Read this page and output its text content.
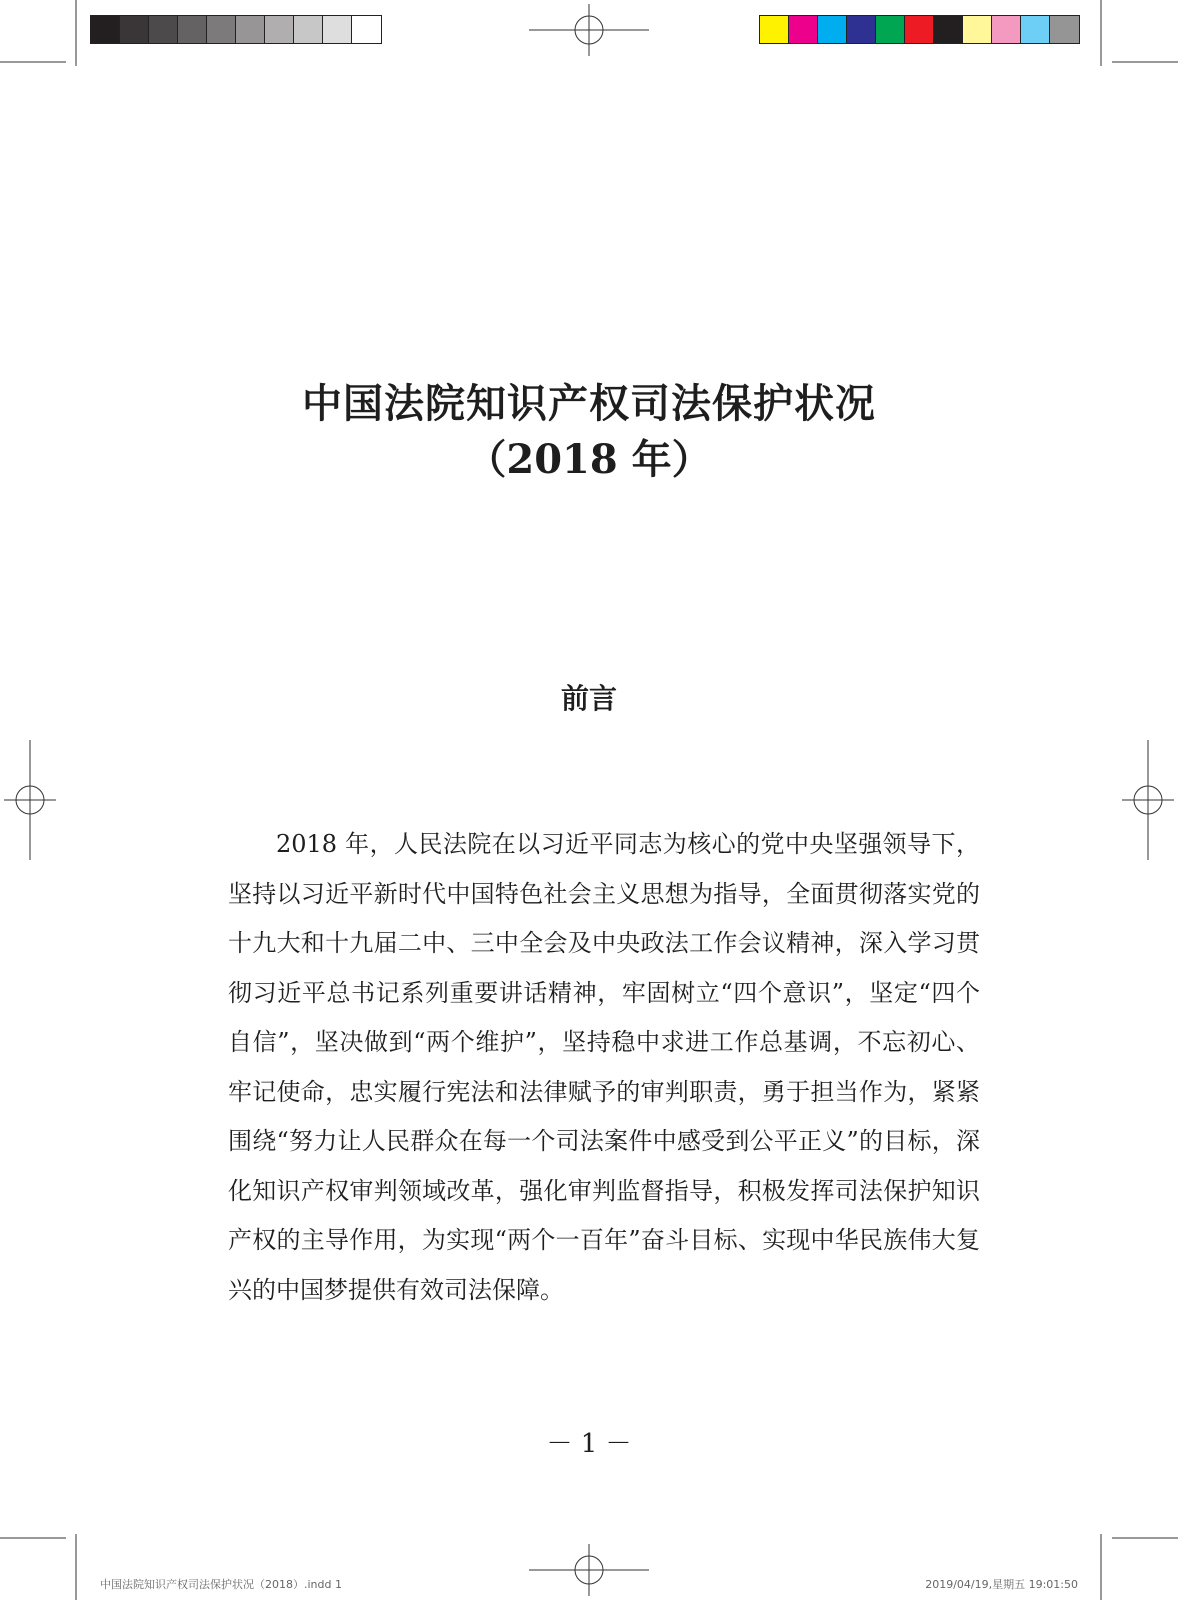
中国法院知识产权司法保护状况
（2018 年）
前言

2018 年，人民法院在以习近平同志为核心的党中央坚强领导下，坚持以习近平新时代中国特色社会主义思想为指导，全面贯彻落实党的十九大和十九届二中、三中全会及中央政法工作会议精神，深入学习贯彻习近平总书记系列重要讲话精神，牢固树立“四个意识”，坚定“四个自信”，坚决做到“两个维护”，坚持稳中求进工作总基调，不忘初心、牢记使命，忠实履行宪法和法律赋予的审判职责，勇于担当作为，紧紧围绕“努力让人民群众在每一个司法案件中感受到公平正义”的目标，深化知识产权审判领域改革，强化审判监督指导，积极发挥司法保护知识产权的主导作用，为实现“两个一百年”奋斗目标、实现中华民族伟大复兴的中国梦提供有效司法保障。

－ 1 －
中国法院知识产权司法保护状况（2018）.indd 1	2019/04/19,星期五 19:01:50
